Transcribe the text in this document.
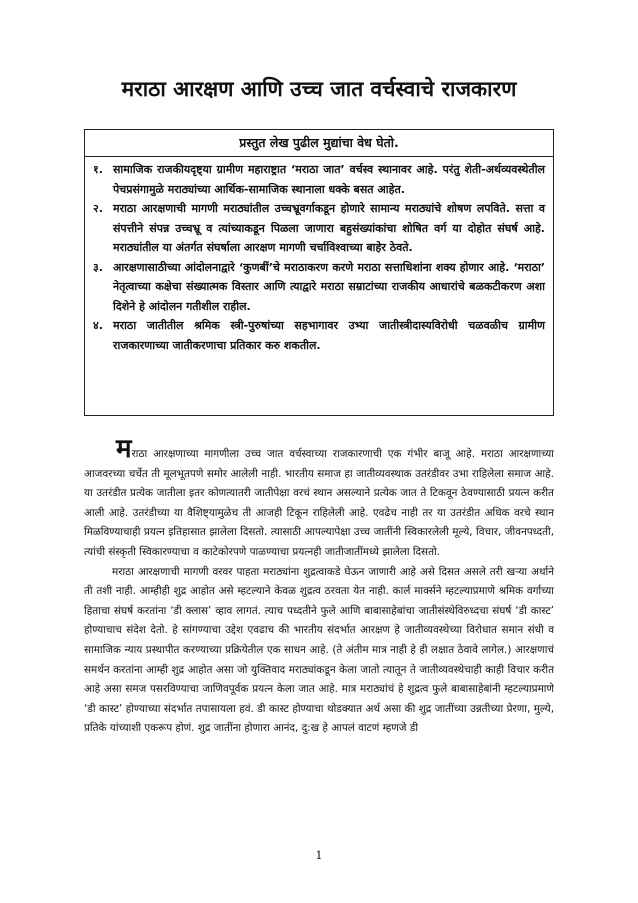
मराठा आरक्षण आणि उच्च जात वर्चस्वाचे राजकारण
प्रस्तुत लेख पुढील मुद्यांचा वेध घेतो.
१. सामाजिक राजकीयदृष्ट्या ग्रामीण महाराष्ट्रात ‘मराठा जात’ वर्चस्व स्थानावर आहे. परंतु शेती-अर्थव्यवस्थेतील पेचप्रसंगामुळे मराठ्यांच्या आर्थिक-सामाजिक स्थानाला धक्के बसत आहेत.
२. मराठा आरक्षणाची मागणी मराठ्यांतील उच्चभ्रूवर्गाकडून होणारे सामान्य मराठ्यांचे शोषण लपविते. सत्ता व संपत्तीने संपन्न उच्चभ्रू व त्यांच्याकडून पिळला जाणारा बहुसंख्यांकांचा शोषित वर्ग या दोहोत संघर्ष आहे. मराठ्यांतील या अंतर्गत संघर्षाला आरक्षण मागणी चर्चाविश्वाच्या बाहेर ठेवते.
३. आरक्षणासाठीच्या आंदोलनाद्वारे ‘कुणबीं’चे मराठाकरण करणे मराठा सत्ताधिशांना शक्य होणार आहे. ‘मराठा’ नेतृत्वाच्या कक्षेचा संख्यात्मक विस्तार आणि त्याद्वारे मराठा सम्राटांच्या राजकीय आधारांचे बळकटीकरण अशा दिशेने हे आंदोलन गतीशील राहील.
४. मराठा जातीतील श्रमिक स्त्री-पुरुषांच्या सहभागावर उभ्या जातीस्त्रीदास्यविरोधी चळवळीच ग्रामीण राजकारणाच्या जातीकरणाचा प्रतिकार करु शकतील.

मराठा आरक्षणाच्या मागणीला उच्च जात वर्चस्वाच्या राजकारणाची एक गंभीर बाजू आहे. मराठा आरक्षणाच्या आजवरच्या चर्चेत ती मूलभूतपणे समोर आलेली नाही. भारतीय समाज हा जातीव्यवस्थाक उतरंडीवर उभा राहिलेला समाज आहे. या उतरंडीत प्रत्येक जातीला इतर कोणत्यातरी जातीपेक्षा वरचं स्थान असल्याने प्रत्येक जात ते टिकवून ठेवण्यासाठी प्रयत्न करीत आली आहे. उतरंडीच्या या वैशिष्ट्यामुळेच ती आजही टिकून राहिलेली आहे. एवढेच नाही तर या उतरंडीत अधिक वरचे स्थान मिळविण्याचाही प्रयत्न इतिहासात झालेला दिसतो. त्यासाठी आपल्यापेक्षा उच्च जातींनी स्विकारलेली मूल्ये, विचार, जीवनपध्दती, त्यांची संस्कृती स्विकारण्याचा व काटेकोरपणे पाळण्याचा प्रयत्नही जातीजातींमध्ये झालेला दिसतो.

मराठा आरक्षणाची मागणी वरवर पाहता मराठ्यांना शुद्रत्वाकडे घेऊन जाणारी आहे असे दिसत असले तरी खऱ्या अर्थाने ती तशी नाही. आम्हीही शुद्र आहोत असे म्हटल्याने केवळ शुद्रत्व ठरवता येत नाही. कार्ल मार्क्सने म्हटल्याप्रमाणे श्रमिक वर्गाच्या हिताचा संघर्ष करतांना ‘डी क्लास’ व्हाव लागतं. त्याच पध्दतीने फुले आणि बाबासाहेबांचा जातीसंस्थेविरुध्दचा संघर्ष ‘डी कास्ट’ होण्याचाच संदेश देतो. हे सांगण्याचा उद्देश एवढाच की भारतीय संदर्भात आरक्षण हे जातीव्यवस्थेच्या विरोधात समान संधी व सामाजिक न्याय प्रस्थापीत करण्याच्या प्रक्रियेतील एक साधन आहे. (ते अंतीम मात्र नाही हे ही लक्षात ठेवावे लागेल.) आरक्षणाचं समर्थन करतांना आम्ही शुद्र आहोत असा जो युक्तिवाद मराठ्यांकडून केला जातो त्यातून ते जातीव्यवस्थेचाही काही विचार करीत आहे असा समज पसरविण्याचा जाणिवपूर्वक प्रयत्न केला जात आहे. मात्र मराठ्यांचं हे शुद्रत्व फुले बाबासाहेबांनी म्हटल्याप्रमाणे ‘डी कास्ट’ होण्याच्या संदर्भात तपासायला हवं. डी कास्ट होण्याचा थोडक्यात अर्थ असा की शुद्र जातींच्या उन्नतीच्या प्रेरणा, मुल्ये, प्रतिके यांच्याशी एकरूप होणं. शुद्र जातींना होणारा आनंद, दु:ख हे आपलं वाटणं म्हणजे डी

1
